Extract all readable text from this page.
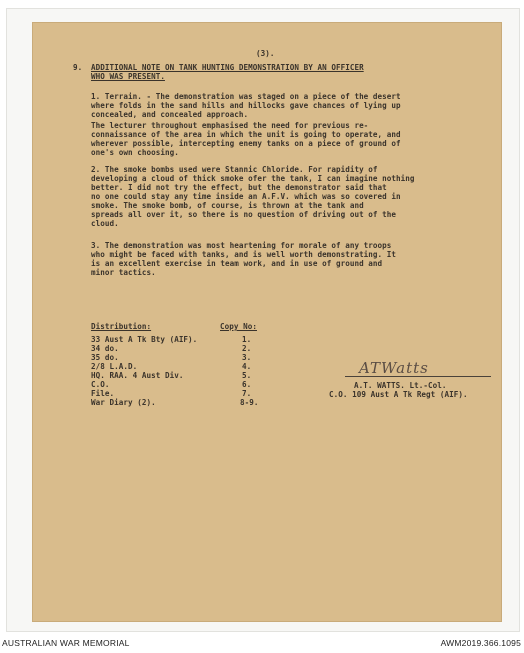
(3).
9. ADDITIONAL NOTE ON TANK HUNTING DEMONSTRATION BY AN OFFICER
WHO WAS PRESENT.
1. Terrain. - The demonstration was staged on a piece of the desert
where folds in the sand hills and hillocks gave chances of lying up
concealed, and concealed approach.
The lecturer throughout emphasised the need for previous re-
connaissance of the area in which the unit is going to operate, and
wherever possible, intercepting enemy tanks on a piece of ground of
one's own choosing.
2. The smoke bombs used were Stannic Chloride. For rapidity of
developing a cloud of thick smoke ofer the tank, I can imagine nothing
better. I did not try the effect, but the demonstrator said that
no one could stay any time inside an A.F.V. which was so covered in
smoke. The smoke bomb, of course, is thrown at the tank and
spreads all over it, so there is no question of driving out of the
cloud.
3. The demonstration was most heartening for morale of any troops
who might be faced with tanks, and is well worth demonstrating. It
is an excellent exercise in team work, and in use of ground and
minor tactics.
Distribution:	Copy No:
33 Aust A Tk Bty (AIF).	1.
34 do.	2.
35 do.	3.
2/8 L.A.D.	4.
HQ. RAA. 4 Aust Div.	5.
C.O.	6.
File.	7.
War Diary (2).	8-9.
ATWatts
A.T. WATTS. Lt.-Col.
C.O. 109 Aust A Tk Regt (AIF).
AUSTRALIAN WAR MEMORIAL	AWM2019.366.1095
